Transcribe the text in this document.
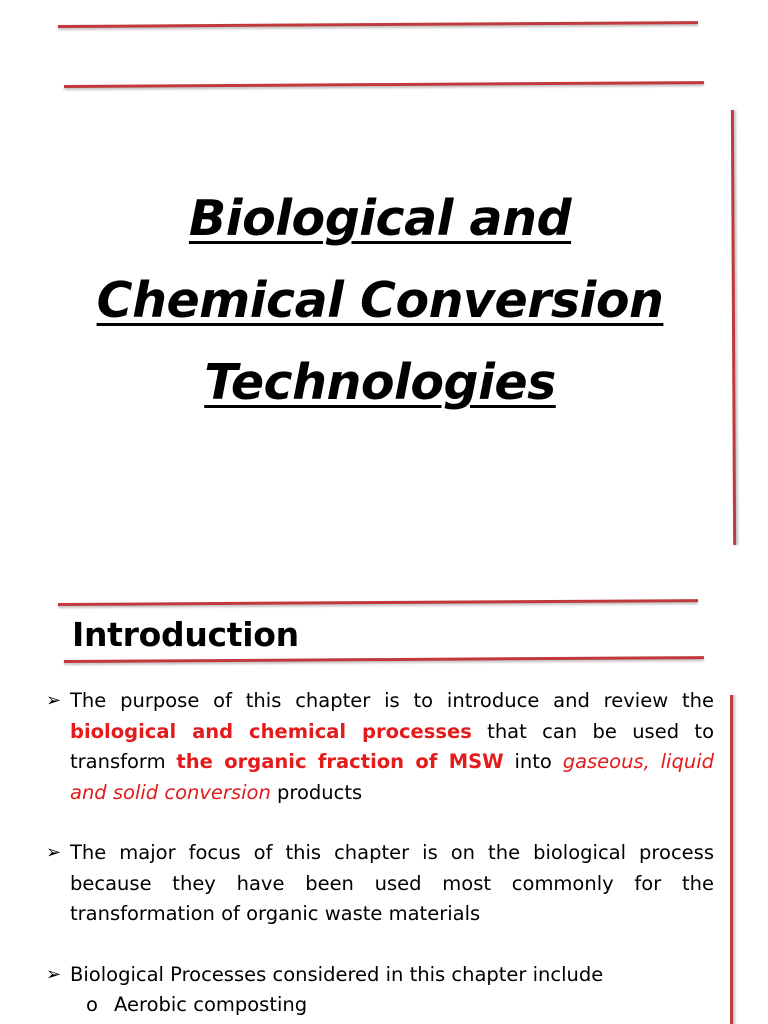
Biological and
Chemical Conversion
Technologies
Introduction
➢ The purpose of this chapter is to introduce and review the biological and chemical processes that can be used to transform the organic fraction of MSW into gaseous, liquid and solid conversion products
➢ The major focus of this chapter is on the biological process because they have been used most commonly for the transformation of organic waste materials
➢ Biological Processes considered in this chapter include
o Aerobic composting
